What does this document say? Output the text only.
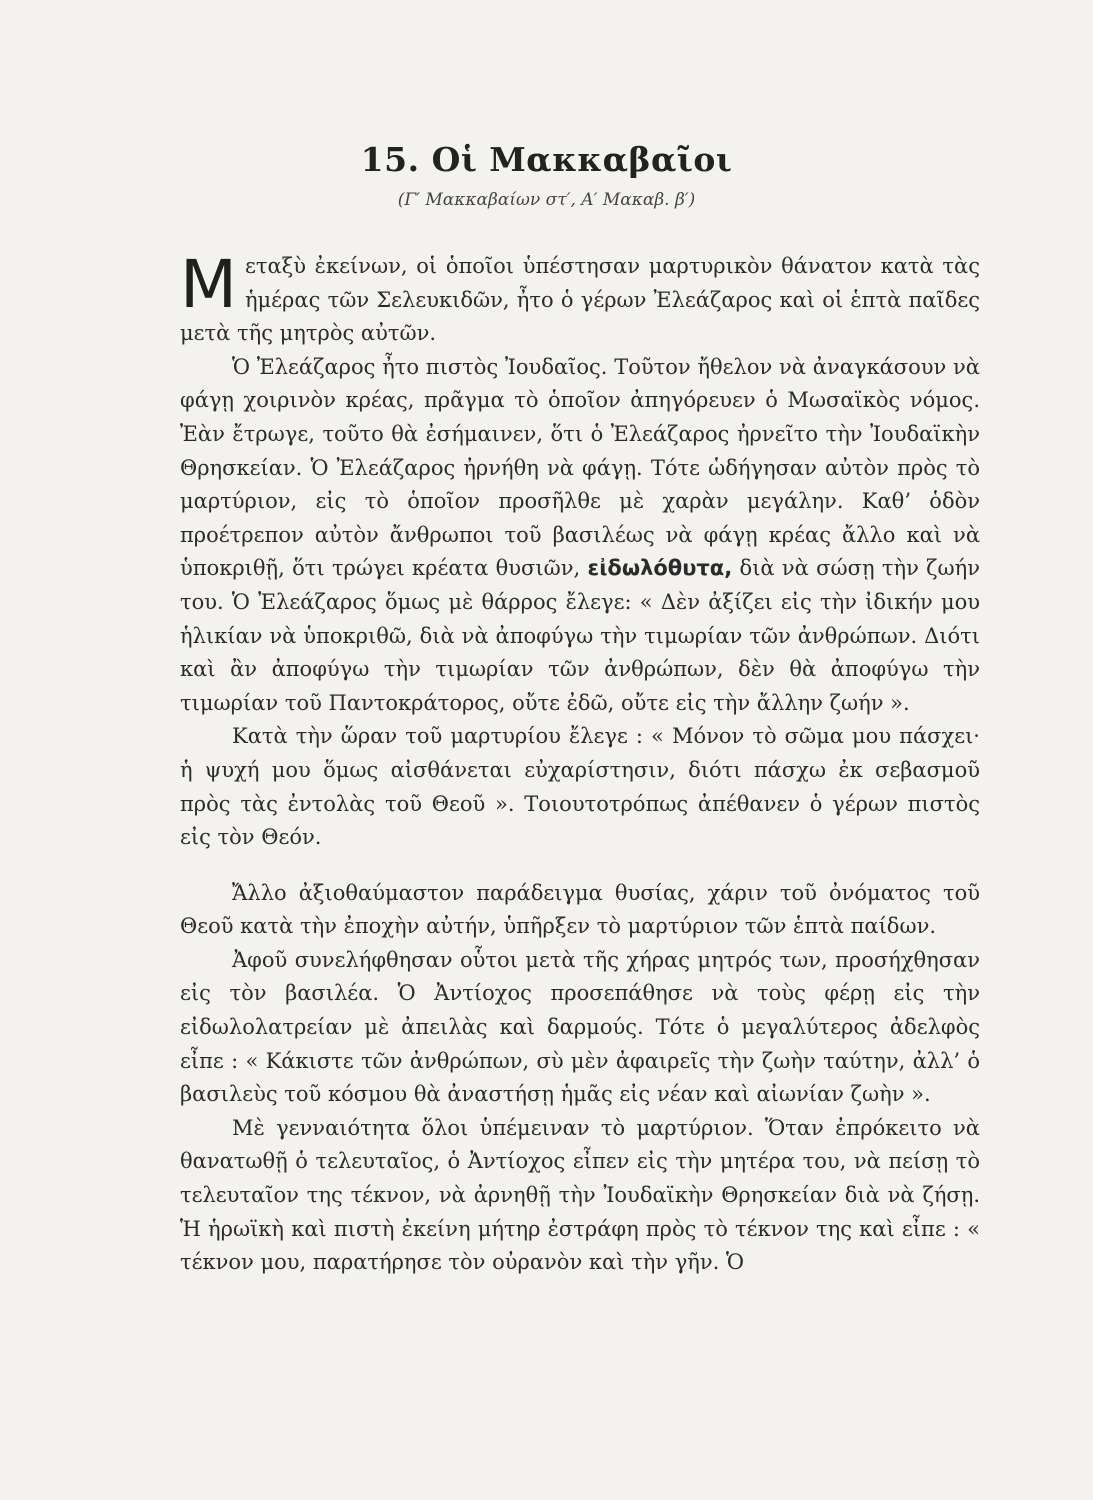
15. Οἱ Μακκαβαῖοι
(Γ′ Μακκαβαίων στ′, Α′ Μακαβ. β′)

Μεταξὺ ἐκείνων, οἱ ὁποῖοι ὑπέστησαν μαρτυρικὸν θάνατον κατὰ τὰς ἡμέρας τῶν Σελευκιδῶν, ἦτο ὁ γέρων Ἐλεάζαρος καὶ οἱ ἑπτὰ παῖδες μετὰ τῆς μητρὸς αὐτῶν.

Ὁ Ἐλεάζαρος ἦτο πιστὸς Ἰουδαῖος. Τοῦτον ἤθελον νὰ ἀναγκάσουν νὰ φάγῃ χοιρινὸν κρέας, πρᾶγμα τὸ ὁποῖον ἀπηγόρευεν ὁ Μωσαϊκὸς νόμος. Ἐὰν ἔτρωγε, τοῦτο θὰ ἐσήμαινεν, ὅτι ὁ Ἐλεάζαρος ἠρνεῖτο τὴν Ἰουδαϊκὴν Θρησκείαν. Ὁ Ἐλεάζαρος ἠρνήθη νὰ φάγῃ. Τότε ὡδήγησαν αὐτὸν πρὸς τὸ μαρτύριον, εἰς τὸ ὁποῖον προσῆλθε μὲ χαρὰν μεγάλην. Καθ’ ὁδὸν προέτρεπον αὐτὸν ἄνθρωποι τοῦ βασιλέως νὰ φάγῃ κρέας ἄλλο καὶ νὰ ὑποκριθῇ, ὅτι τρώγει κρέατα θυσιῶν, εἰδωλόθυτα, διὰ νὰ σώσῃ τὴν ζωήν του. Ὁ Ἐλεάζαρος ὅμως μὲ θάρρος ἔλεγε: « Δὲν ἀξίζει εἰς τὴν ἰδικήν μου ἡλικίαν νὰ ὑποκριθῶ, διὰ νὰ ἀποφύγω τὴν τιμωρίαν τῶν ἀνθρώπων. Διότι καὶ ἂν ἀποφύγω τὴν τιμωρίαν τῶν ἀνθρώπων, δὲν θὰ ἀποφύγω τὴν τιμωρίαν τοῦ Παντοκράτορος, οὔτε ἐδῶ, οὔτε εἰς τὴν ἄλλην ζωήν ».

Κατὰ τὴν ὥραν τοῦ μαρτυρίου ἔλεγε : « Μόνον τὸ σῶμα μου πάσχει· ἡ ψυχή μου ὅμως αἰσθάνεται εὐχαρίστησιν, διότι πάσχω ἐκ σεβασμοῦ πρὸς τὰς ἐντολὰς τοῦ Θεοῦ ». Τοιουτοτρόπως ἀπέθανεν ὁ γέρων πιστὸς εἰς τὸν Θεόν.

Ἄλλο ἀξιοθαύμαστον παράδειγμα θυσίας, χάριν τοῦ ὀνόματος τοῦ Θεοῦ κατὰ τὴν ἐποχὴν αὐτήν, ὑπῆρξεν τὸ μαρτύριον τῶν ἑπτὰ παίδων.

Ἀφοῦ συνελήφθησαν οὗτοι μετὰ τῆς χήρας μητρός των, προσήχθησαν εἰς τὸν βασιλέα. Ὁ Ἀντίοχος προσεπάθησε νὰ τοὺς φέρῃ εἰς τὴν εἰδωλολατρείαν μὲ ἀπειλὰς καὶ δαρμούς. Τότε ὁ μεγαλύτερος ἀδελφὸς εἶπε : « Κάκιστε τῶν ἀνθρώπων, σὺ μὲν ἀφαιρεῖς τὴν ζωὴν ταύτην, ἀλλ’ ὁ βασιλεὺς τοῦ κόσμου θὰ ἀναστήσῃ ἡμᾶς εἰς νέαν καὶ αἰωνίαν ζωὴν ».

Μὲ γενναιότητα ὅλοι ὑπέμειναν τὸ μαρτύριον. Ὅταν ἐπρόκειτο νὰ θανατωθῇ ὁ τελευταῖος, ὁ Ἀντίοχος εἶπεν εἰς τὴν μητέρα του, νὰ πείσῃ τὸ τελευταῖον της τέκνον, νὰ ἀρνηθῇ τὴν Ἰουδαϊκὴν Θρησκείαν διὰ νὰ ζήσῃ. Ἡ ἡρωϊκὴ καὶ πιστὴ ἐκείνη μήτηρ ἐστράφη πρὸς τὸ τέκνον της καὶ εἶπε : « τέκνον μου, παρατήρησε τὸν οὐρανὸν καὶ τὴν γῆν. Ὁ
